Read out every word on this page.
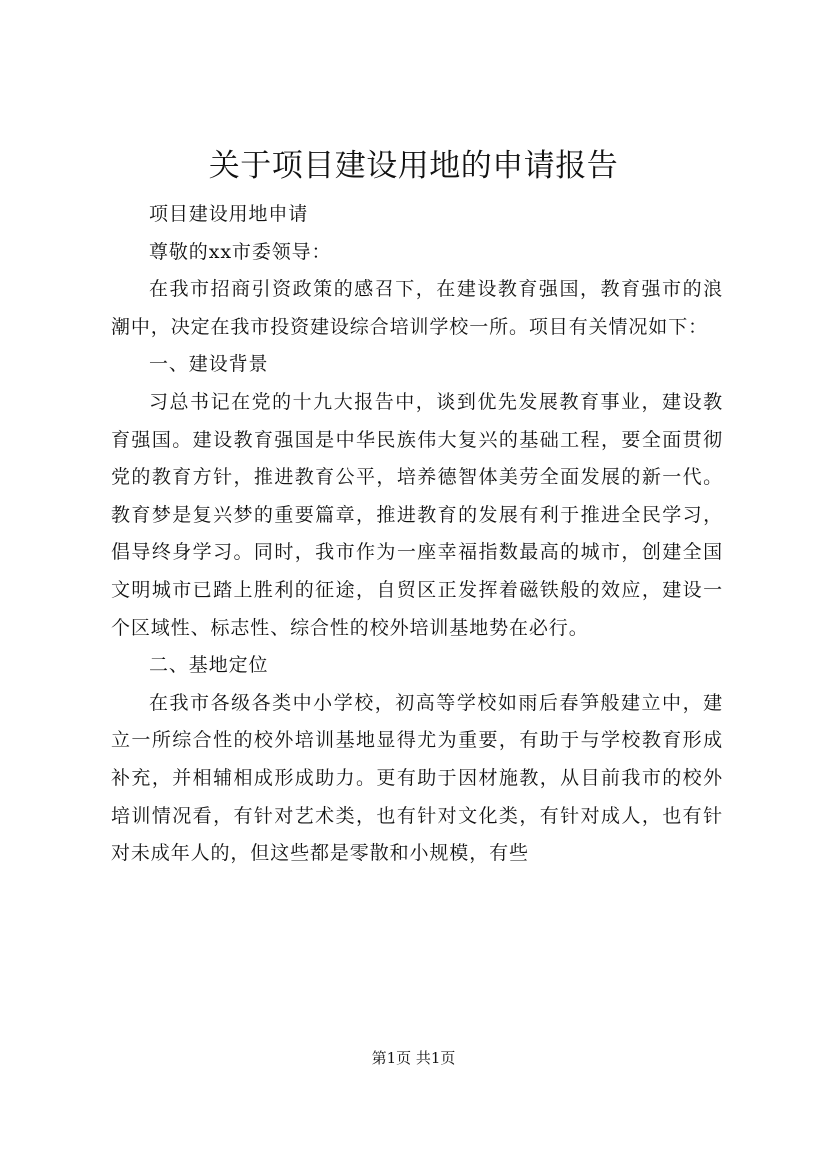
关于项目建设用地的申请报告

项目建设用地申请

尊敬的xx市委领导：

在我市招商引资政策的感召下，在建设教育强国，教育强市的浪潮中，决定在我市投资建设综合培训学校一所。项目有关情况如下：

一、建设背景

习总书记在党的十九大报告中，谈到优先发展教育事业，建设教育强国。建设教育强国是中华民族伟大复兴的基础工程，要全面贯彻党的教育方针，推进教育公平，培养德智体美劳全面发展的新一代。教育梦是复兴梦的重要篇章，推进教育的发展有利于推进全民学习，倡导终身学习。同时，我市作为一座幸福指数最高的城市，创建全国文明城市已踏上胜利的征途，自贸区正发挥着磁铁般的效应，建设一个区域性、标志性、综合性的校外培训基地势在必行。

二、基地定位

在我市各级各类中小学校，初高等学校如雨后春笋般建立中，建立一所综合性的校外培训基地显得尤为重要，有助于与学校教育形成补充，并相辅相成形成助力。更有助于因材施教，从目前我市的校外培训情况看，有针对艺术类，也有针对文化类，有针对成人，也有针对未成年人的，但这些都是零散和小规模，有些

第1页 共1页
